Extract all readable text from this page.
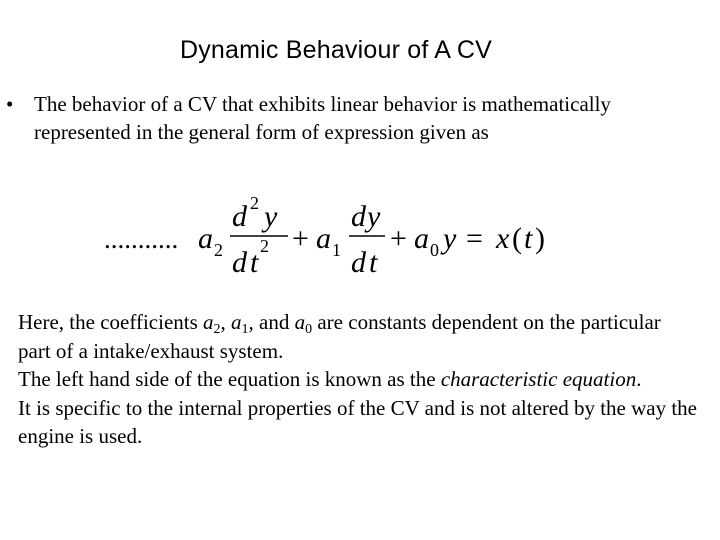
Dynamic Behaviour of A CV
• The behavior of a CV that exhibits linear behavior is mathematically represented in the general form of expression given as
........... a 2
d 2 y
d t 2 + a 1
d y
d t
+ a 0 y = x ( t )

Here, the coefficients $a_2$, $a_1$, and $a_0$ are constants dependent on the particular part of a intake/exhaust system.

The left hand side of the equation is known as the characteristic equation.

It is specific to the internal properties of the CV and is not altered by the way the engine is used.
